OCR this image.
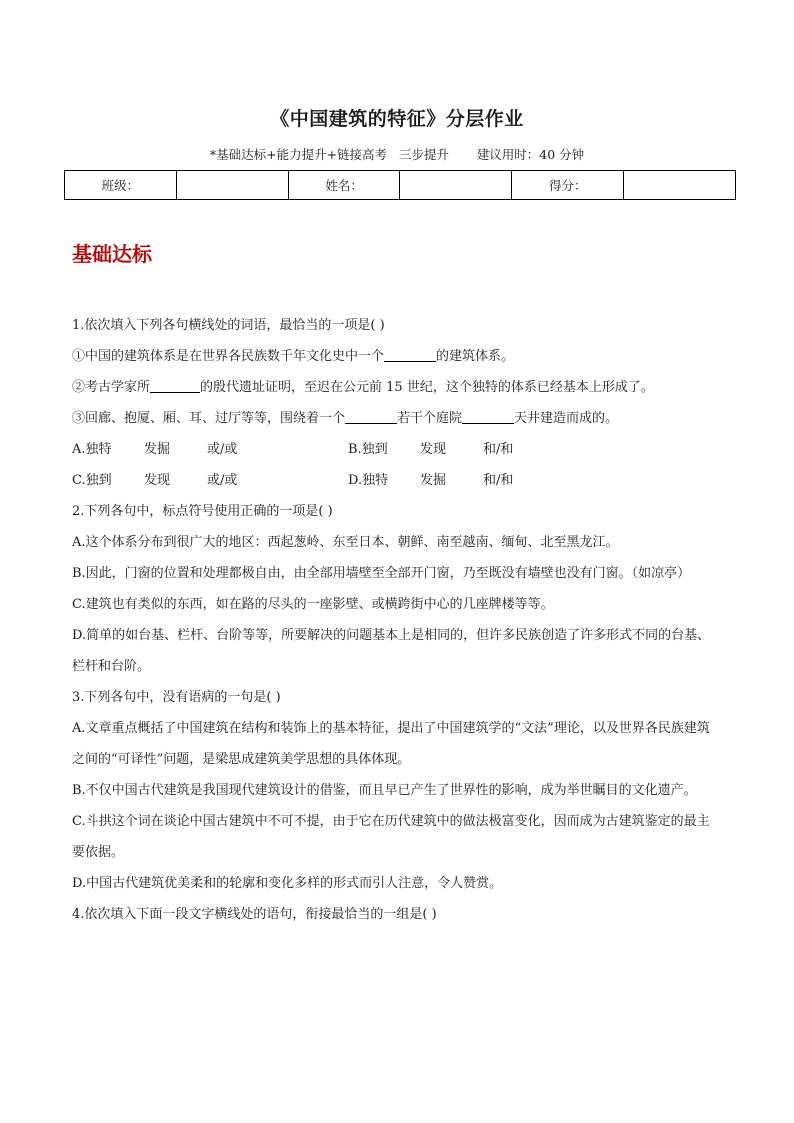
《中国建筑的特征》分层作业
*基础达标+能力提升+链接高考   三步提升       建议用时：40 分钟
班级：		姓名：		得分：	
基础达标
1.依次填入下列各句横线处的词语，最恰当的一项是( )
①中国的建筑体系是在世界各民族数千年文化史中一个	的建筑体系。
②考古学家所	的殷代遗址证明，至迟在公元前 15 世纪，这个独特的体系已经基本上形成了。
③回廊、抱厦、厢、耳、过厅等等，围绕着一个	若干个庭院	天井建造而成的。
A.独特	发掘	或/或	B.独到	发现	和/和
C.独到	发现	或/或	D.独特	发掘	和/和
2.下列各句中，标点符号使用正确的一项是( )
A.这个体系分布到很广大的地区：西起葱岭、东至日本、朝鲜、南至越南、缅甸、北至黑龙江。
B.因此，门窗的位置和处理都极自由，由全部用墙壁至全部开门窗，乃至既没有墙壁也没有门窗。（如凉亭）
C.建筑也有类似的东西，如在路的尽头的一座影壁、或横跨街中心的几座牌楼等等。
D.简单的如台基、栏杆、台阶等等，所要解决的问题基本上是相同的，但许多民族创造了许多形式不同的台基、栏杆和台阶。
3.下列各句中，没有语病的一句是( )
A.文章重点概括了中国建筑在结构和装饰上的基本特征，提出了中国建筑学的“文法”理论，以及世界各民族建筑之间的“可译性”问题，是梁思成建筑美学思想的具体体现。
B.不仅中国古代建筑是我国现代建筑设计的借鉴，而且早已产生了世界性的影响，成为举世瞩目的文化遗产。
C.斗拱这个词在谈论中国古建筑中不可不提，由于它在历代建筑中的做法极富变化，因而成为古建筑鉴定的最主要依据。
D.中国古代建筑优美柔和的轮廓和变化多样的形式而引人注意，令人赞赏。
4.依次填入下面一段文字横线处的语句，衔接最恰当的一组是( )
